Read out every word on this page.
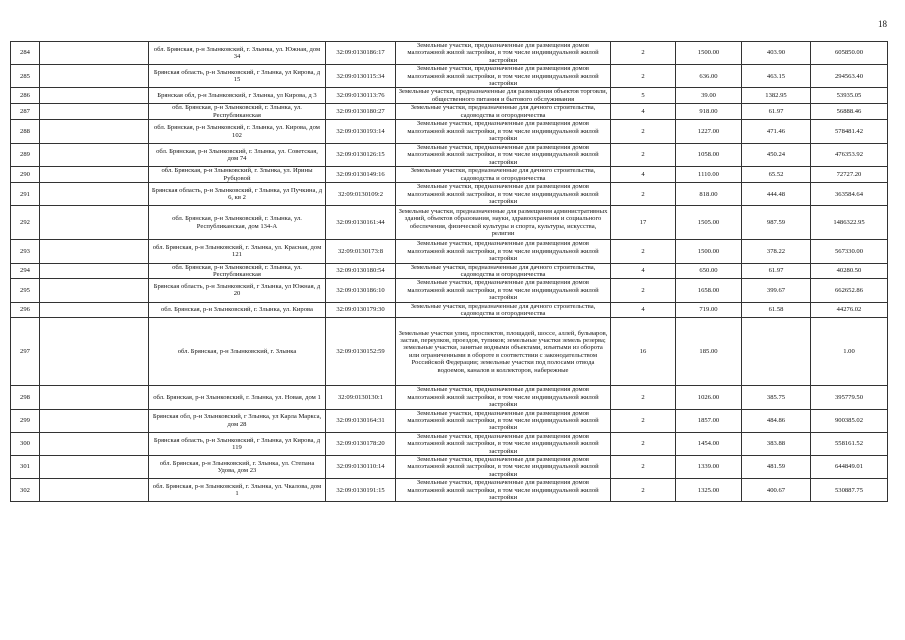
18
284		обл. Брянская, р-н Злынковский, г. Злынка, ул. Южная, дом 34	32:09:0130186:17	Земельные участки, предназначенные для размещения домов малоэтажной жилой застройки, в том числе индивидуальной жилой застройки	2	1500.00	403.90	605850.00
285		Брянская область, р-н Злынковский, г Злынка, ул Кирова, д 15	32:09:0130115:34	Земельные участки, предназначенные для размещения домов малоэтажной жилой застройки, в том числе индивидуальной жилой застройки	2	636.00	463.15	294563.40
286		Брянская обл, р-н Злынковский, г Злынка, ул Кирова, д 3	32:09:0130113:76	Земельные участки, предназначенные для размещения объектов торговли, общественного питания и бытового обслуживания	5	39.00	1382.95	53935.05
287		обл. Брянская, р-н Злынковский, г. Злынка, ул. Республиканская	32:09:0130180:27	Земельные участки, предназначенные для дачного строительства, садоводства и огородничества	4	918.00	61.97	56888.46
288		обл. Брянская, р-н Злынковский, г. Злынка, ул. Кирова, дом 102	32:09:0130193:14	Земельные участки, предназначенные для размещения домов малоэтажной жилой застройки, в том числе индивидуальной жилой застройки	2	1227.00	471.46	578481.42
289		обл. Брянская, р-н Злынковский, г. Злынка, ул. Советская, дом 74	32:09:0130126:15	Земельные участки, предназначенные для размещения домов малоэтажной жилой застройки, в том числе индивидуальной жилой застройки	2	1058.00	450.24	476353.92
290		обл. Брянская, р-н Злынковский, г. Злынка, ул. Ирины Рубцовой	32:09:0130149:16	Земельные участки, предназначенные для дачного строительства, садоводства и огородничества	4	1110.00	65.52	72727.20
291		Брянская область, р-н Злынковский, г Злынка, ул Пучкина, д 6, кв 2	32:09:0130109:2	Земельные участки, предназначенные для размещения домов малоэтажной жилой застройки, в том числе индивидуальной жилой застройки	2	818.00	444.48	363584.64
292		обл. Брянская, р-н Злынковский, г. Злынка, ул. Республиканская, дом 134-А	32:09:0130161:44	Земельные участки, предназначенные для размещения административных зданий, объектов образования, науки, здравоохранения и социального обеспечения, физической культуры и спорта, культуры, искусства, религии	17	1505.00	987.59	1486322.95
293		обл. Брянская, р-н Злынковский, г. Злынка, ул. Красная, дом 121	32:09:0130173:8	Земельные участки, предназначенные для размещения домов малоэтажной жилой застройки, в том числе индивидуальной жилой застройки	2	1500.00	378.22	567330.00
294		обл. Брянская, р-н Злынковский, г. Злынка, ул. Республиканская	32:09:0130180:54	Земельные участки, предназначенные для дачного строительства, садоводства и огородничества	4	650.00	61.97	40280.50
295		Брянская область, р-н Злынковский, г Злынка, ул Южная, д 20	32:09:0130186:10	Земельные участки, предназначенные для размещения домов малоэтажной жилой застройки, в том числе индивидуальной жилой застройки	2	1658.00	399.67	662652.86
296		обл. Брянская, р-н Злынковский, г. Злынка, ул. Кирова	32:09:0130179:30	Земельные участки, предназначенные для дачного строительства, садоводства и огородничества	4	719.00	61.58	44276.02
297		обл. Брянская, р-н Злынковский, г. Злынка	32:09:0130152:59	Земельные участки улиц, проспектов, площадей, шоссе, аллей, бульваров, застав, переулков, проездов, тупиков; земельные участки земель резерва; земельные участки, занятые водными объектами, изъятыми из оборота или ограниченными в обороте в соответствии с законодательством Российской Федерации; земельные участки под полосами отвода водоемов, каналов и коллекторов, набережные	16	185.00		1.00
298		обл. Брянская, р-н Злынковский, г. Злынка, ул. Новая, дом 1	32:09:0130130:1	Земельные участки, предназначенные для размещения домов малоэтажной жилой застройки, в том числе индивидуальной жилой застройки	2	1026.00	385.75	395779.50
299		Брянская обл, р-н Злынковский, г Злынка, ул Карла Маркса, дом 28	32:09:0130164:31	Земельные участки, предназначенные для размещения домов малоэтажной жилой застройки, в том числе индивидуальной жилой застройки	2	1857.00	484.86	900385.02
300		Брянская область, р-н Злынковский, г Злынка, ул Кирова, д 119	32:09:0130178:20	Земельные участки, предназначенные для размещения домов малоэтажной жилой застройки, в том числе индивидуальной жилой застройки	2	1454.00	383.88	558161.52
301		обл. Брянская, р-н Злынковский, г. Злынка, ул. Степана Удова, дом 23	32:09:0130110:14	Земельные участки, предназначенные для размещения домов малоэтажной жилой застройки, в том числе индивидуальной жилой застройки	2	1339.00	481.59	644849.01
302		обл. Брянская, р-н Злынковский, г. Злынка, ул. Чкалова, дом 1	32:09:0130191:15	Земельные участки, предназначенные для размещения домов малоэтажной жилой застройки, в том числе индивидуальной жилой застройки	2	1325.00	400.67	530887.75
